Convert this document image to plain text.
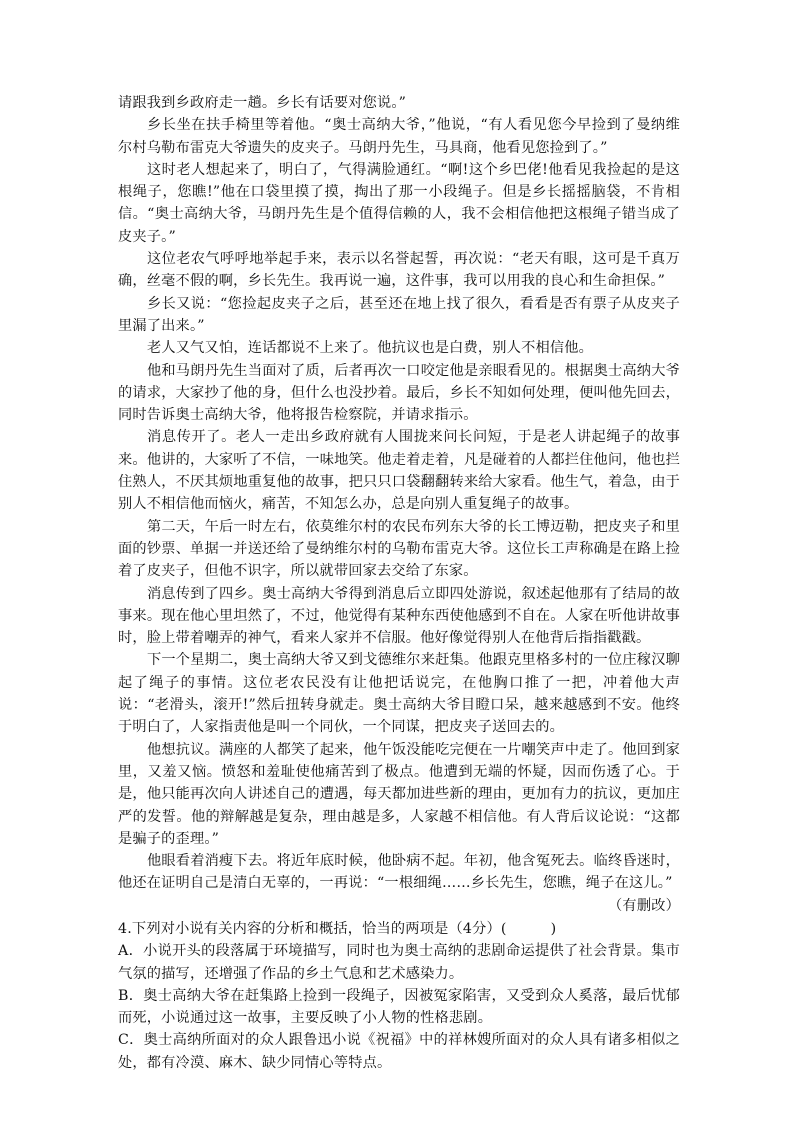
请跟我到乡政府走一趟。乡长有话要对您说。”

乡长坐在扶手椅里等着他。“奥士高纳大爷，”他说，“有人看见您今早捡到了曼纳维尔村乌勒布雷克大爷遗失的皮夹子。马朗丹先生，马具商，他看见您捡到了。”

这时老人想起来了，明白了，气得满脸通红。“啊!这个乡巴佬!他看见我捡起的是这根绳子，您瞧!”他在口袋里摸了摸，掏出了那一小段绳子。但是乡长摇摇脑袋，不肯相信。“奥士高纳大爷，马朗丹先生是个值得信赖的人，我不会相信他把这根绳子错当成了皮夹子。”

这位老农气呼呼地举起手来，表示以名誉起誓，再次说：“老天有眼，这可是千真万确，丝毫不假的啊，乡长先生。我再说一遍，这件事，我可以用我的良心和生命担保。”

乡长又说：“您捡起皮夹子之后，甚至还在地上找了很久，看看是否有票子从皮夹子里漏了出来。”

老人又气又怕，连话都说不上来了。他抗议也是白费，别人不相信他。

他和马朗丹先生当面对了质，后者再次一口咬定他是亲眼看见的。根据奥士高纳大爷的请求，大家抄了他的身，但什么也没抄着。最后，乡长不知如何处理，便叫他先回去，同时告诉奥士高纳大爷，他将报告检察院，并请求指示。

消息传开了。老人一走出乡政府就有人围拢来问长问短，于是老人讲起绳子的故事来。他讲的，大家听了不信，一味地笑。他走着走着，凡是碰着的人都拦住他问，他也拦住熟人，不厌其烦地重复他的故事，把只只口袋翻翻转来给大家看。他生气，着急，由于别人不相信他而恼火，痛苦，不知怎么办，总是向别人重复绳子的故事。

第二天，午后一时左右，依莫维尔村的农民布列东大爷的长工博迈勒，把皮夹子和里面的钞票、单据一并送还给了曼纳维尔村的乌勒布雷克大爷。这位长工声称确是在路上捡着了皮夹子，但他不识字，所以就带回家去交给了东家。

消息传到了四乡。奥士高纳大爷得到消息后立即四处游说，叙述起他那有了结局的故事来。现在他心里坦然了，不过，他觉得有某种东西使他感到不自在。人家在听他讲故事时，脸上带着嘲弄的神气，看来人家并不信服。他好像觉得别人在他背后指指戳戳。

下一个星期二，奥士高纳大爷又到戈德维尔来赶集。他跟克里格多村的一位庄稼汉聊起了绳子的事情。这位老农民没有让他把话说完，在他胸口推了一把，冲着他大声说：“老滑头，滚开!”然后扭转身就走。奥士高纳大爷目瞪口呆，越来越感到不安。他终于明白了，人家指责他是叫一个同伙，一个同谋，把皮夹子送回去的。

他想抗议。满座的人都笑了起来，他午饭没能吃完便在一片嘲笑声中走了。他回到家里，又羞又恼。愤怒和羞耻使他痛苦到了极点。他遭到无端的怀疑，因而伤透了心。于是，他只能再次向人讲述自己的遭遇，每天都加进些新的理由，更加有力的抗议，更加庄严的发誓。他的辩解越是复杂，理由越是多，人家越不相信他。有人背后议论说：“这都是骗子的歪理。”

他眼看着消瘦下去。将近年底时候，他卧病不起。年初，他含冤死去。临终昏迷时，他还在证明自己是清白无辜的，一再说：“一根细绳……乡长先生，您瞧，绳子在这儿。”

（有删改）

4.下列对小说有关内容的分析和概括，恰当的两项是（4分）(	)

A．小说开头的段落属于环境描写，同时也为奥士高纳的悲剧命运提供了社会背景。集市气氛的描写，还增强了作品的乡土气息和艺术感染力。

B．奥士高纳大爷在赶集路上捡到一段绳子，因被冤家陷害，又受到众人奚落，最后忧郁而死，小说通过这一故事，主要反映了小人物的性格悲剧。

C．奥士高纳所面对的众人跟鲁迅小说《祝福》中的祥林嫂所面对的众人具有诸多相似之处，都有冷漠、麻木、缺少同情心等特点。
